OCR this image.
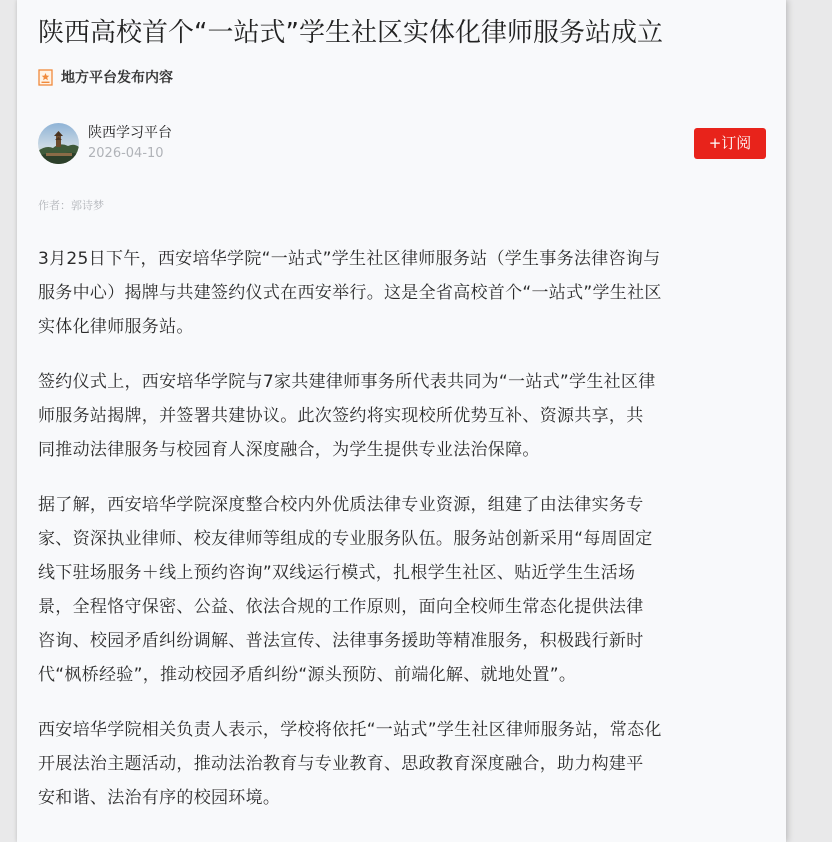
陕西高校首个“一站式”学生社区实体化律师服务站成立
地方平台发布内容
陕西学习平台
2026-04-10
+订阅
作者：郭诗梦

3月25日下午，西安培华学院“一站式”学生社区律师服务站（学生事务法律咨询与
服务中心）揭牌与共建签约仪式在西安举行。这是全省高校首个“一站式”学生社区
实体化律师服务站。

签约仪式上，西安培华学院与7家共建律师事务所代表共同为“一站式”学生社区律
师服务站揭牌，并签署共建协议。此次签约将实现校所优势互补、资源共享，共
同推动法律服务与校园育人深度融合，为学生提供专业法治保障。

据了解，西安培华学院深度整合校内外优质法律专业资源，组建了由法律实务专
家、资深执业律师、校友律师等组成的专业服务队伍。服务站创新采用“每周固定
线下驻场服务＋线上预约咨询”双线运行模式，扎根学生社区、贴近学生生活场
景，全程恪守保密、公益、依法合规的工作原则，面向全校师生常态化提供法律
咨询、校园矛盾纠纷调解、普法宣传、法律事务援助等精准服务，积极践行新时
代“枫桥经验”，推动校园矛盾纠纷“源头预防、前端化解、就地处置”。

西安培华学院相关负责人表示，学校将依托“一站式”学生社区律师服务站，常态化
开展法治主题活动，推动法治教育与专业教育、思政教育深度融合，助力构建平
安和谐、法治有序的校园环境。
